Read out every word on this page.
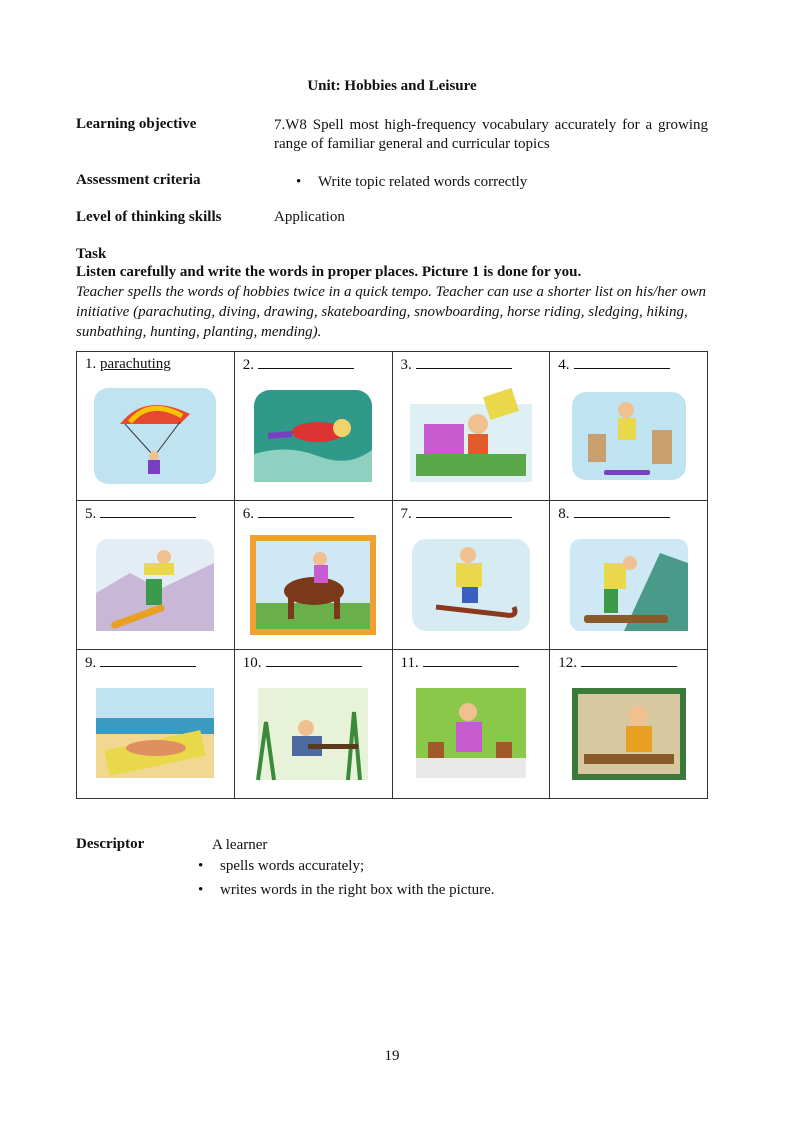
Unit: Hobbies and Leisure
Learning objective	7.W8 Spell most high-frequency vocabulary accurately for a growing range of familiar general and curricular topics
Assessment criteria	• Write topic related words correctly
Level of thinking skills	Application
Task
Listen carefully and write the words in proper places. Picture 1 is done for you.
Teacher spells the words of hobbies twice in a quick tempo. Teacher can use a shorter list on his/her own initiative (parachuting, diving, drawing, skateboarding, snowboarding, horse riding, sledging, hiking, sunbathing, hunting, planting, mending).
1. parachuting	2.	3.	4.

5.	6.	7.	8.

9.	10.	11.	12.
Descriptor	A learner
• spells words accurately;
• writes words in the right box with the picture.
19
